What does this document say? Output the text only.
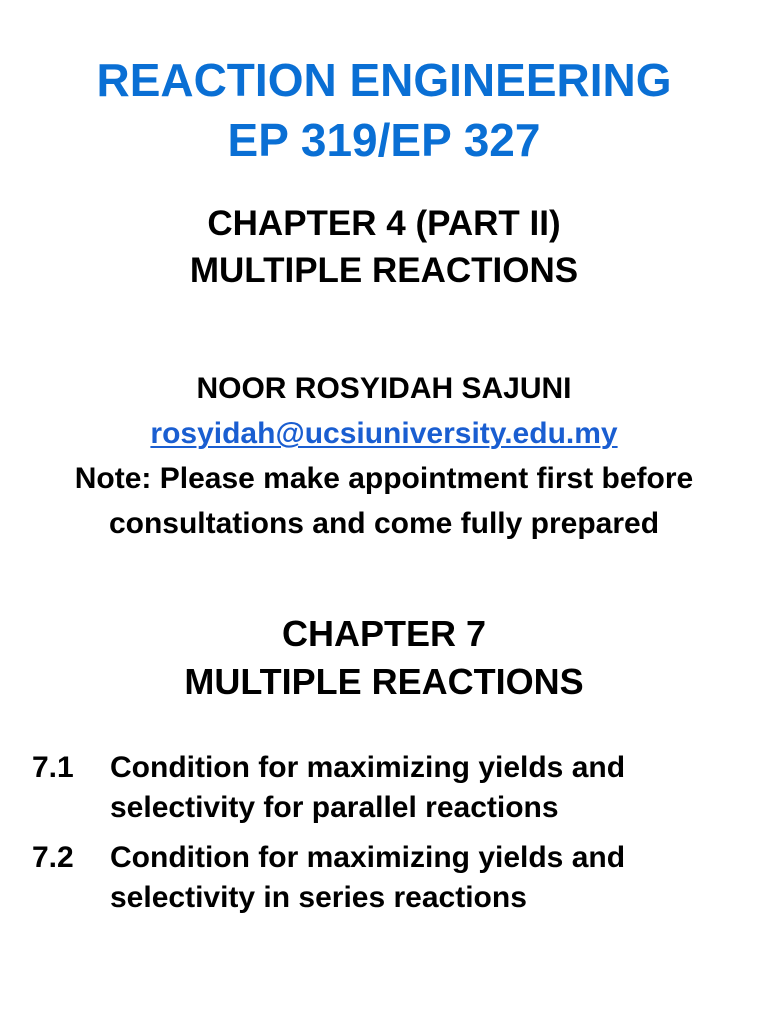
REACTION ENGINEERING
EP 319/EP 327
CHAPTER 4 (PART II)
MULTIPLE REACTIONS
NOOR ROSYIDAH SAJUNI
rosyidah@ucsiuniversity.edu.my
Note: Please make appointment first before
consultations and come fully prepared
CHAPTER 7
MULTIPLE REACTIONS
7.1	Condition for maximizing yields and
selectivity for parallel reactions
7.2	Condition for maximizing yields and
selectivity in series reactions
